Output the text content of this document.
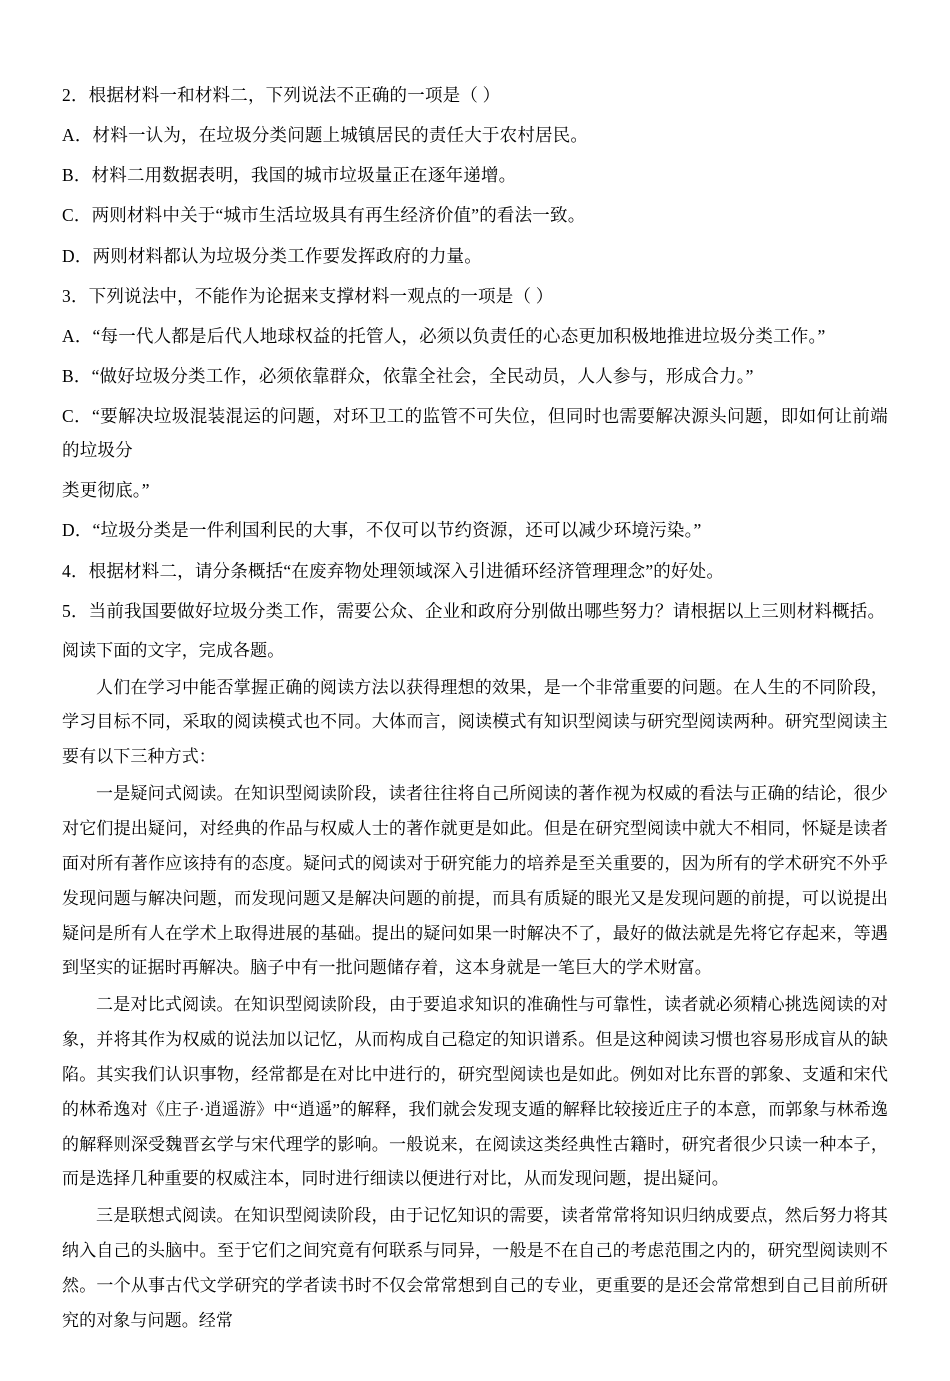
2．根据材料一和材料二，下列说法不正确的一项是（ ）
A．材料一认为，在垃圾分类问题上城镇居民的责任大于农村居民。
B．材料二用数据表明，我国的城市垃圾量正在逐年递增。
C．两则材料中关于“城市生活垃圾具有再生经济价值”的看法一致。
D．两则材料都认为垃圾分类工作要发挥政府的力量。
3．下列说法中，不能作为论据来支撑材料一观点的一项是（ ）
A．“每一代人都是后代人地球权益的托管人，必须以负责任的心态更加积极地推进垃圾分类工作。”
B．“做好垃圾分类工作，必须依靠群众，依靠全社会，全民动员，人人参与，形成合力。”
C．“要解决垃圾混装混运的问题，对环卫工的监管不可失位，但同时也需要解决源头问题，即如何让前端的垃圾分
类更彻底。”
D．“垃圾分类是一件利国利民的大事，不仅可以节约资源，还可以减少环境污染。”
4．根据材料二，请分条概括“在废弃物处理领域深入引进循环经济管理理念”的好处。
5．当前我国要做好垃圾分类工作，需要公众、企业和政府分别做出哪些努力？请根据以上三则材料概括。
阅读下面的文字，完成各题。
人们在学习中能否掌握正确的阅读方法以获得理想的效果，是一个非常重要的问题。在人生的不同阶段，学习目标不同，采取的阅读模式也不同。大体而言，阅读模式有知识型阅读与研究型阅读两种。研究型阅读主要有以下三种方式：
一是疑问式阅读。在知识型阅读阶段，读者往往将自己所阅读的著作视为权威的看法与正确的结论，很少对它们提出疑问，对经典的作品与权威人士的著作就更是如此。但是在研究型阅读中就大不相同，怀疑是读者面对所有著作应该持有的态度。疑问式的阅读对于研究能力的培养是至关重要的，因为所有的学术研究不外乎发现问题与解决问题，而发现问题又是解决问题的前提，而具有质疑的眼光又是发现问题的前提，可以说提出疑问是所有人在学术上取得进展的基础。提出的疑问如果一时解决不了，最好的做法就是先将它存起来，等遇到坚实的证据时再解决。脑子中有一批问题储存着，这本身就是一笔巨大的学术财富。
二是对比式阅读。在知识型阅读阶段，由于要追求知识的准确性与可靠性，读者就必须精心挑选阅读的对象，并将其作为权威的说法加以记忆，从而构成自己稳定的知识谱系。但是这种阅读习惯也容易形成盲从的缺陷。其实我们认识事物，经常都是在对比中进行的，研究型阅读也是如此。例如对比东晋的郭象、支遁和宋代的林希逸对《庄子·逍遥游》中“逍遥”的解释，我们就会发现支遁的解释比较接近庄子的本意，而郭象与林希逸的解释则深受魏晋玄学与宋代理学的影响。一般说来，在阅读这类经典性古籍时，研究者很少只读一种本子，而是选择几种重要的权威注本，同时进行细读以便进行对比，从而发现问题，提出疑问。
三是联想式阅读。在知识型阅读阶段，由于记忆知识的需要，读者常常将知识归纳成要点，然后努力将其纳入自己的头脑中。至于它们之间究竟有何联系与同异，一般是不在自己的考虑范围之内的，研究型阅读则不然。一个从事古代文学研究的学者读书时不仅会常常想到自己的专业，更重要的是还会常常想到自己目前所研究的对象与问题。经常
